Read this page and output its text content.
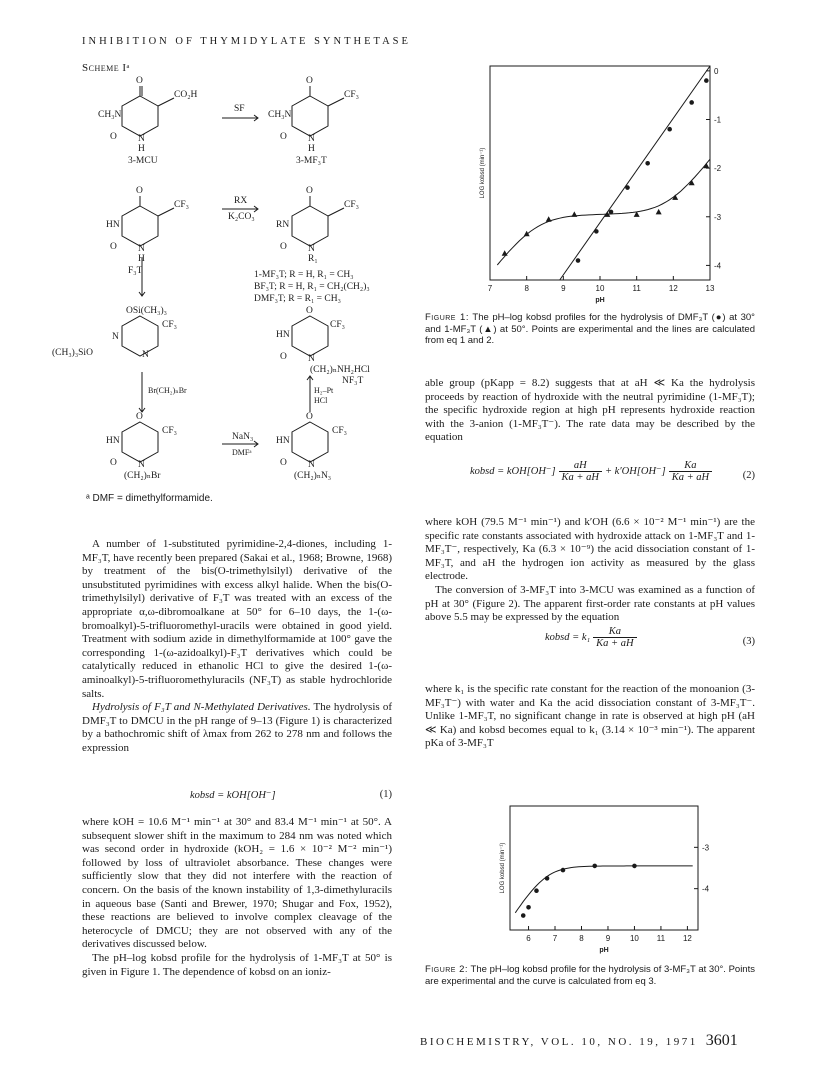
INHIBITION OF THYMIDYLATE SYNTHETASE
Scheme Iᵃ
O
CO₂H
CH₃N
O N
H
3-MCU
SF
O
CF₃
CH₃N
O N
H
3-MF₃T
O
CF₃
HN
O N
H
F₃T
RX
K₂CO₃
O
CF₃
RN
O N
R₁
1-MF₃T; R = H, R₁ = CH₃
BF₃T; R = H, R₁ = CH₂(CH₂)₃
DMF₃T; R = R₁ = CH₃
OSi(CH₃)₃
CF₃
N
(CH₃)₃SiO	N
O
CF₃
HN
O N
(CH₂)ₙNH₂HCl
NF₃T
Br(CH₂)ₙBr	H₂–Pt
HCl
O
CF₃
HN
O N
(CH₂)ₙBr
NaN₃
DMFᵃ
O
CF₃
HN
O N
(CH₂)ₙN₃
ᵃ DMF = dimethylformamide.

A number of 1-substituted pyrimidine-2,4-diones, including 1-MF₃T, have recently been prepared (Sakai et al., 1968; Browne, 1968) by treatment of the bis(O-trimethylsilyl) derivative of the unsubstituted pyrimidines with excess alkyl halide. When the bis(O-trimethylsilyl) derivative of F₃T was treated with an excess of the appropriate α,ω-dibromoalkane at 50° for 6–10 days, the 1-(ω-bromoalkyl)-5-trifluoromethyl-uracils were obtained in good yield. Treatment with sodium azide in dimethylformamide at 100° gave the corresponding 1-(ω-azidoalkyl)-F₃T derivatives which could be catalytically reduced in ethanolic HCl to give the desired 1-(ω-aminoalkyl)-5-trifluoromethyluracils (NF₃T) as stable hydrochloride salts.

Hydrolysis of F₃T and N-Methylated Derivatives. The hydrolysis of DMF₃T to DMCU in the pH range of 9–13 (Figure 1) is characterized by a bathochromic shift of λmax from 262 to 278 nm and follows the expression

kobsd = kOH[OH⁻]	(1)

where kOH = 10.6 M⁻¹ min⁻¹ at 30° and 83.4 M⁻¹ min⁻¹ at 50°. A subsequent slower shift in the maximum to 284 nm was noted which was second order in hydroxide (kOH₂ = 1.6 × 10⁻² M⁻² min⁻¹) followed by loss of ultraviolet absorbance. These changes were sufficiently slow that they did not interfere with the reaction of concern. On the basis of the known instability of 1,3-dimethyluracils in aqueous base (Santi and Brewer, 1970; Shugar and Fox, 1952), these reactions are believed to involve complex cleavage of the heterocycle of DMCU; they are not observed with any of the derivatives discussed below.

The pH–log kobsd profile for the hydrolysis of 1-MF₃T at 50° is given in Figure 1. The dependence of kobsd on an ioniz-

7	8	9	10	11	12	13
0
-1
-2
-3
-4
pH
LOG kobsd (min⁻¹)
Figure 1: The pH–log kobsd profiles for the hydrolysis of DMF₃T (●) at 30° and 1-MF₃T (▲) at 50°. Points are experimental and the lines are calculated from eq 1 and 2.

able group (pKapp = 8.2) suggests that at aH ≪ Ka the hydrolysis proceeds by reaction of hydroxide with the neutral pyrimidine (1-MF₃T); the specific hydroxide region at high pH represents hydroxide reaction with the 3-anion (1-MF₃T⁻). The rate data may be described by the equation

kobsd = $kOH[OH^-] \frac{aH}{Ka + aH} + k'OH[OH^-] \frac{Ka}{Ka + aH}$	(2)

where kOH (79.5 M⁻¹ min⁻¹) and k′OH (6.6 × 10⁻² M⁻¹ min⁻¹) are the specific rate constants associated with hydroxide attack on 1-MF₃T and 1-MF₃T⁻, respectively, Ka (6.3 × 10⁻⁹) the acid dissociation constant of 1-MF₃T, and aH the hydrogen ion activity as measured by the glass electrode.

The conversion of 3-MF₃T into 3-MCU was examined as a function of pH at 30° (Figure 2). The apparent first-order rate constants at pH values above 5.5 may be expressed by the equation

kobsd = $k_1 \frac{Ka}{Ka + aH}$	(3)

where k₁ is the specific rate constant for the reaction of the monoanion (3-MF₃T⁻) with water and Ka the acid dissociation constant of 3-MF₃T⁻. Unlike 1-MF₃T, no significant change in rate is observed at high pH (aH ≪ Ka) and kobsd becomes equal to k₁ (3.14 × 10⁻³ min⁻¹). The apparent pKa of 3-MF₃T

6	7	8	9 10 11 12
-3
-4
pH
LOG kobsd (min⁻¹)
Figure 2: The pH–log kobsd profile for the hydrolysis of 3-MF₃T at 30°. Points are experimental and the curve is calculated from eq 3.
BIOCHEMISTRY, VOL. 10, NO. 19, 1971 3601
